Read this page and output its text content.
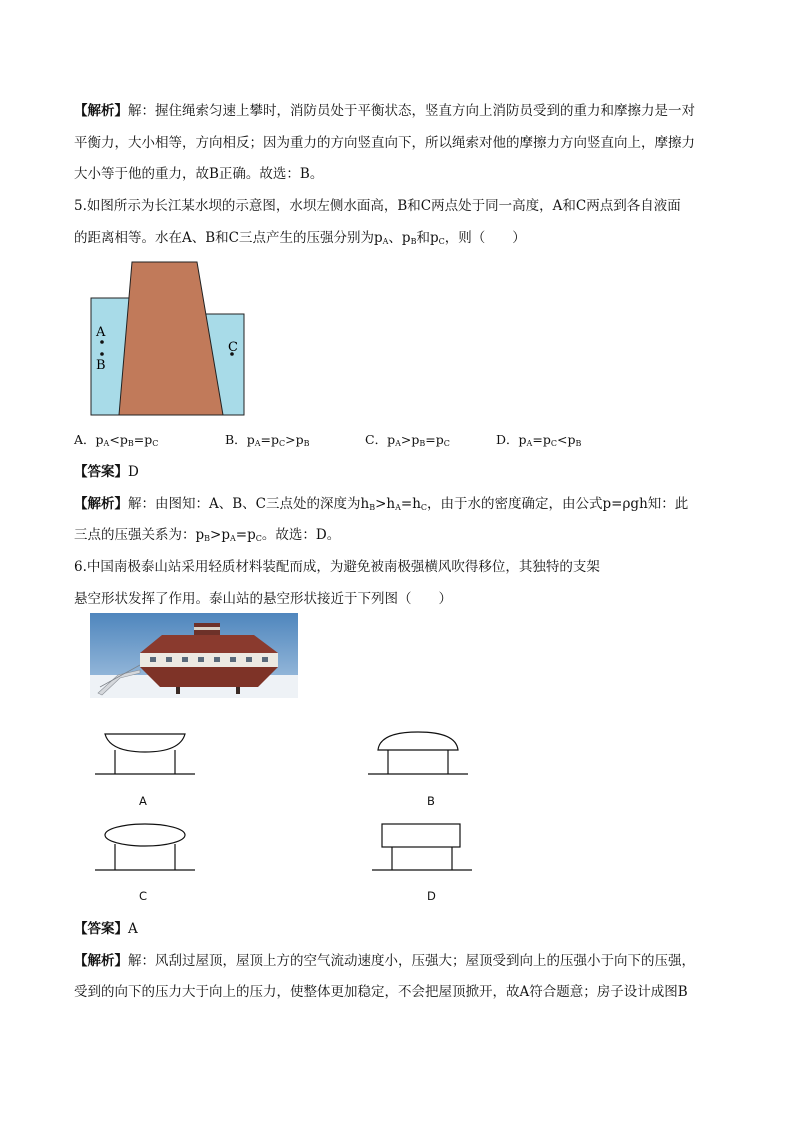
【解析】解：握住绳索匀速上攀时，消防员处于平衡状态，竖直方向上消防员受到的重力和摩擦力是一对
平衡力，大小相等，方向相反；因为重力的方向竖直向下，所以绳索对他的摩擦力方向竖直向上，摩擦力
大小等于他的重力，故B正确。故选：B。
5.如图所示为长江某水坝的示意图，水坝左侧水面高，B和C两点处于同一高度，A和C两点到各自液面
的距离相等。水在A、B和C三点产生的压强分别为$p_A$、$p_B$和$p_C$，则（　　）
A
B
C
A．$p_A<p_B=p_C$	B．$p_A=p_C>p_B$	C．$p_A>p_B=p_C$	D．$p_A=p_C<p_B$
【答案】D
【解析】解：由图知：A、B、C三点处的深度为$h_B>h_A=h_C$，由于水的密度确定，由公式p=ρgh知：此
三点的压强关系为：$p_B>p_A=p_C$。故选：D。
6.中国南极泰山站采用轻质材料装配而成，为避免被南极强横风吹得移位，其独特的支架
悬空形状发挥了作用。泰山站的悬空形状接近于下列图（　　）
A	B
C	D
【答案】A
【解析】解：风刮过屋顶，屋顶上方的空气流动速度小，压强大；屋顶受到向上的压强小于向下的压强，
受到的向下的压力大于向上的压力，使整体更加稳定，不会把屋顶掀开，故A符合题意；房子设计成图B
